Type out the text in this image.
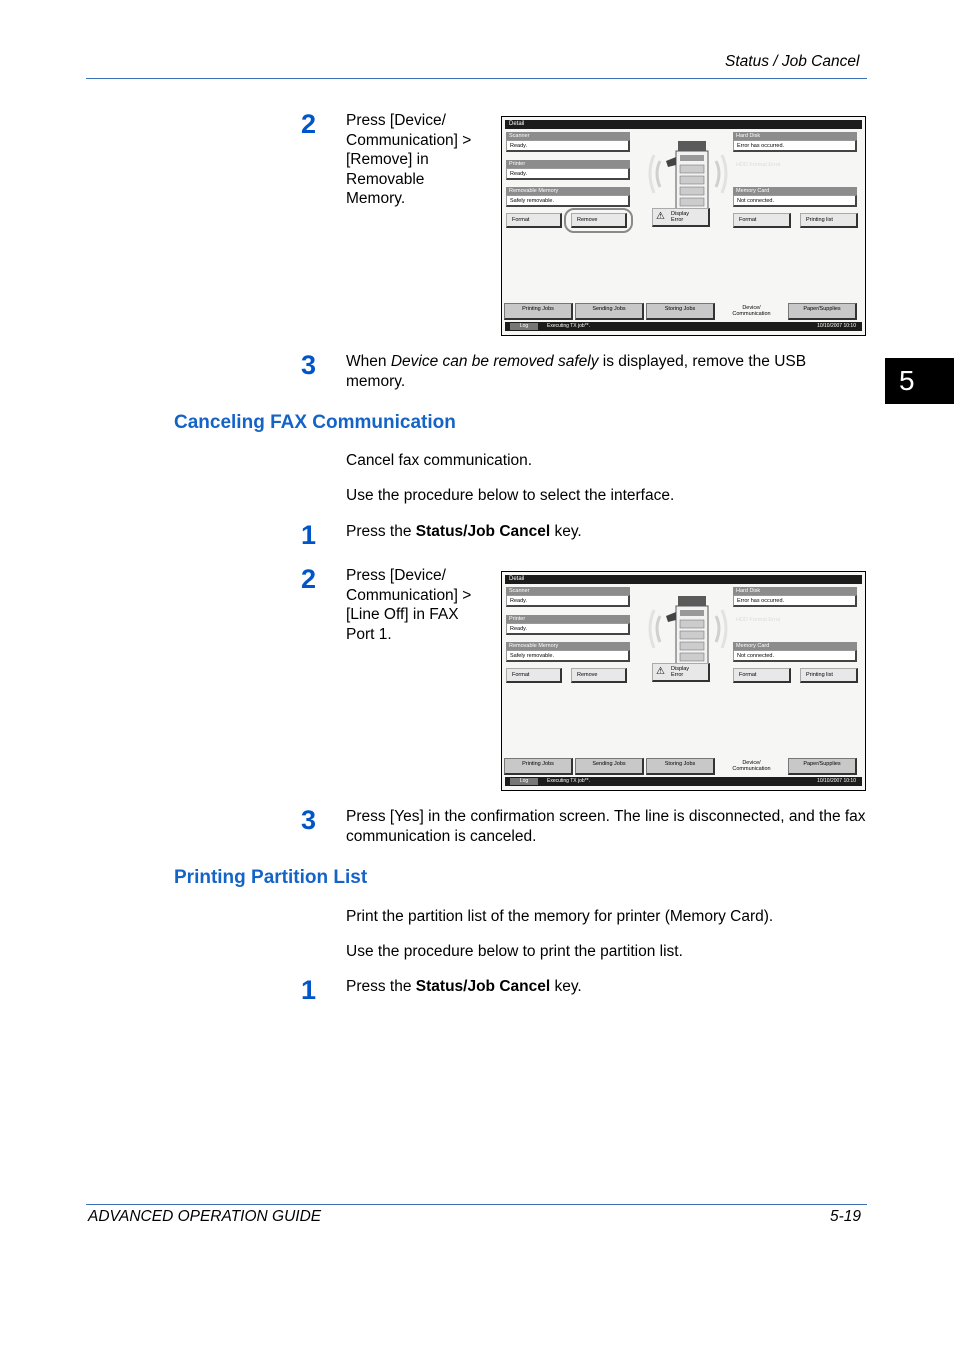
Status / Job Cancel
5
2 Press [Device/ Communication] > [Remove] in Removable Memory.
Detail
Scanner
Ready.
Printer
Ready.
Removable Memory
Safely removable.
Format	Remove	⚠ Display
Error
Hard Disk
Error has occurred.
HDD Format Error
Memory Card
Not connected.
Format	Printing list
Printing Jobs	Sending Jobs	Storing Jobs	Device/
Communication
Paper/Supplies
Log	Executing TX job**.	10/10/2007 10:10
3 When Device can be removed safely is displayed, remove the USB memory.
Canceling FAX Communication
Cancel fax communication.
Use the procedure below to select the interface.
1 Press the Status/Job Cancel key.
2 Press [Device/ Communication] > [Line Off] in FAX Port 1.
Detail
Scanner
Ready.
Printer
Ready.
Removable Memory
Safely removable.
Format	Remove	⚠ Display
Error
Hard Disk
Error has occurred.
HDD Format Error
Memory Card
Not connected.
Format	Printing list
Printing Jobs	Sending Jobs	Storing Jobs	Device/
Communication
Paper/Supplies
Log	Executing TX job**.	10/10/2007 10:10
3 Press [Yes] in the confirmation screen. The line is disconnected, and the fax communication is canceled.
Printing Partition List
Print the partition list of the memory for printer (Memory Card).
Use the procedure below to print the partition list.
1 Press the Status/Job Cancel key.
ADVANCED OPERATION GUIDE	5-19
